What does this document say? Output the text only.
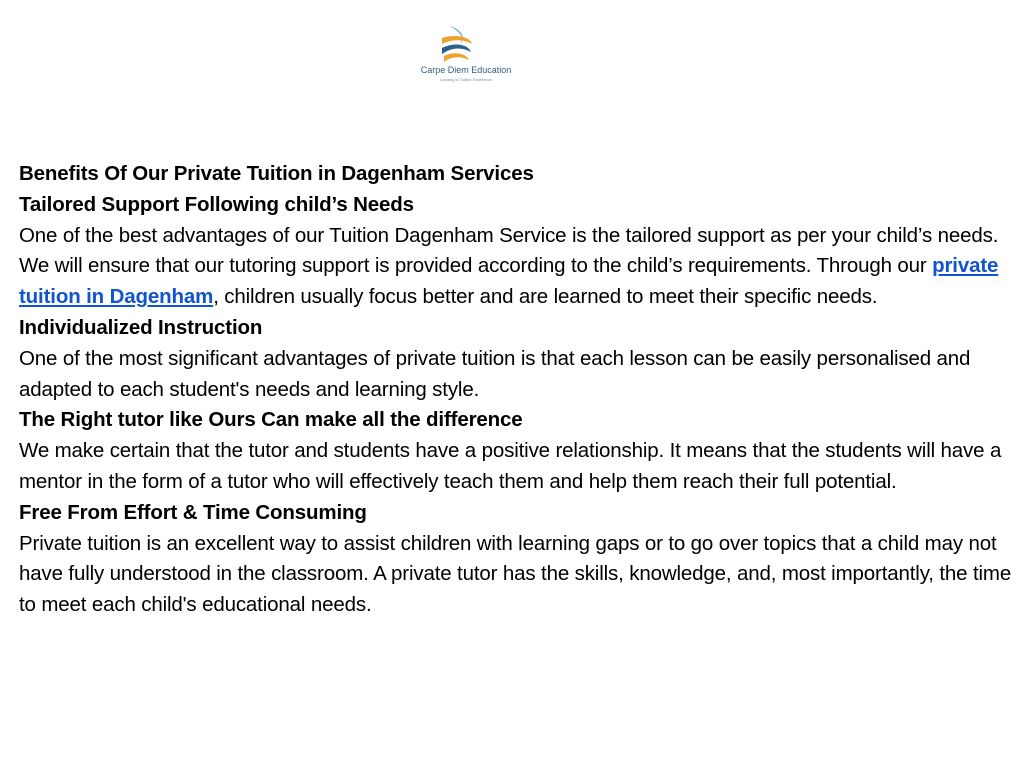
Carpe Diem Education
Leading in Tuition Excellence

Benefits Of Our Private Tuition in Dagenham Services

Tailored Support Following child’s Needs

One of the best advantages of our Tuition Dagenham Service is the tailored support as per your child’s needs. We will ensure that our tutoring support is provided according to the child’s requirements. Through our private tuition in Dagenham, children usually focus better and are learned to meet their specific needs.

Individualized Instruction

One of the most significant advantages of private tuition is that each lesson can be easily personalised and adapted to each student's needs and learning style.

The Right tutor like Ours Can make all the difference

We make certain that the tutor and students have a positive relationship. It means that the students will have a mentor in the form of a tutor who will effectively teach them and help them reach their full potential.

Free From Effort & Time Consuming

Private tuition is an excellent way to assist children with learning gaps or to go over topics that a child may not have fully understood in the classroom. A private tutor has the skills, knowledge, and, most importantly, the time to meet each child's educational needs.
